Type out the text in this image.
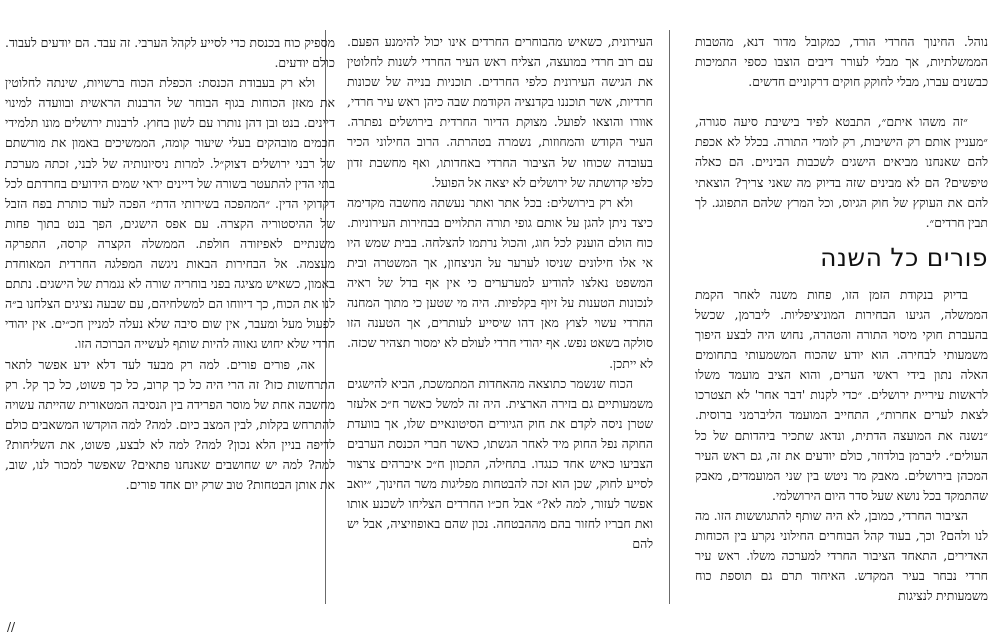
נוהל. החינוך החרדי הורד, כמקובל מדור דנא, מהטבות הממשלתיות, אך מבלי לעורר דיבים הוצבו כספי התמיכות כבשנים עברו, מבלי לחוקק חוקים דרקוניים חדשים.

״זה משהו איתם״, התבטא לפיד בישיבת סיעה סגורה, ״מעניין אותם רק הישיבות, רק לומדי התורה. בכלל לא אכפת להם שאנחנו מביאים הישגים לשכבות הביניים. הם כאלה טיפשים? הם לא מבינים שזה בדיוק מה שאני צריך? הוצאתי להם את העוקץ של חוק הגיוס, וכל המרץ שלהם התפוגג. לך תבין חרדים״.

פורים כל השנה

בדיוק בנקודת הזמן הזו, פחות משנה לאחר הקמת הממשלה, הגיעו הבחירות המוניציפליות. ליברמן, שכשל בהעברת חוקי מיסוי התורה והטהרה, נחוש היה לבצע היפוך משמעותי לבחירה. הוא יודע שהכוח המשמעותי בתחומים האלה נתון בידי ראשי הערים, והוא הציב מועמד משלו לראשות עיריית ירושלים. ״כדי לקנות 'דבר אחר' לא תצטרכו לצאת לערים אחרות״, התחייב המועמד הליברמני ברוסית. ״נשנה את המועצה הדתית, ונדאג שתכיר ביהדותם של כל העולים״. ליברמן בולדוזר, כולם יודעים את זה, גם ראש העיר המכהן בירושלים. מאבק מר ניטש בין שני המועמדים, מאבק שהתמקד בכל נושא שעל סדר היום הירושלמי.

הציבור החרדי, כמובן, לא היה שותף להתגוששות הזו. מה לנו ולהם? וכך, בעוד קהל הבוחרים החילוני נקרע בין הכוחות האדירים, התאחד הציבור החרדי למערכה משלו. ראש עיר חרדי נבחר בעיר המקדש. האיחוד תרם גם תוספת כוח משמעותית לנציגות

העירונית, כשאיש מהבוחרים החרדים אינו יכול להימנע הפעם. עם רוב חרדי במועצה, הצליח ראש העיר החרדי לשנות לחלוטין את הגישה העירונית כלפי החרדים. תוכניות בנייה של שכונות חרדיות, אשר תוכננו בקדנציה הקודמת שבה כיהן ראש עיר חרדי, אוורו והוצאו לפועל. מצוקת הדיור החרדית בירושלים נפתרה. העיר הקודש והמחוזות, נשמרה בטהרתה. הרוב החילוני הכיר בעובדה שכוחו של הציבור החרדי באחדותו, ואף מחשבת זדון כלפי קדושתה של ירושלים לא יצאה אל הפועל.

ולא רק בירושלים: בכל אתר ואתר נעשתה מחשבה מקדימה כיצד ניתן להגן על אותם גופי תורה התלויים בבחירות העירוניות. כוח הולם הוענק לכל חוג, והכול נרתמו להצלחה. בבית שמש היו אי אלו חילונים שניסו לערער על הניצחון, אך המשטרה ובית המשפט נאלצו להודיע למערערים כי אין אף בדל של ראיה לנכונות הטענות על זיוף בקלפיות. היה מי שטען כי מתוך המחנה החרדי עשוי לצוץ מאן דהו שיסייע לעותרים, אך הטענה הזו סולקה בשאט נפש. אף יהודי חרדי לעולם לא ימסור תצהיר שכזה. לא ייתכן.

הכוח שנשמר כתוצאה מהאחדות המתמשכת, הביא להישגים משמעותיים גם בזירה הארצית. היה זה למשל כאשר ח״כ אלעזר שטרן ניסה לקדם את חוק הגיורים הסיטונאיים שלו, אך בוועדת החוקה נפל החוק מיד לאחר הגשתו, כאשר חברי הכנסת הערבים הצביעו כאיש אחד כנגדו. בתחילה, התכוון ח״כ איברהים צרצור לסייע לחוק, שכן הוא זכה להבטחות מפליגות משר החינוך, ״יואב אפשר לעזור, למה לא?״ אבל חכ״ו החרדים הצליחו לשכנע אותו ואת חבריו לחזור בהם מההבטחה. נכון שהם באופוזיציה, אבל יש להם

מספיק כוח בכנסת כדי לסייע לקהל הערבי. זה עבד. הם יודעים לעבוד. כולם יודעים.

ולא רק בעבודת הכנסת: הכפלת הכוח ברשויות, שינתה לחלוטין את מאזן הכוחות בגוף הבוחר של הרבנות הראשית ובוועדה למינוי דיינים. בנט ובן דהן נותרו עם לשון בחוץ. לרבנות ירושלים מונו תלמידי חכמים מובהקים בעלי שיעור קומה, הממשיכים באמון את מורשתם של רבני ירושלים דצוק״ל. למרות ניסיונותיה של לבני, זכתה מערכת בתי הדין להתעטר בשורה של דיינים יראי שמים הידועים בחרדתם לכל דקדוקי הדין. ״המהפכה בשירותי הדת״ הפכה לעוד כותרת בפח הזבל של ההיסטוריה הקצרה. עם אפס הישגים, הפך בנט בתוך פחות משנתיים לאפיזודה חולפת. הממשלה הקצרה קרסה, התפרקה מעצמה. אל הבחירות הבאות ניגשה המפלגה החרדית המאוחדת באמון, כשאיש מציגה בפני בוחריה שורה לא נגמרת של הישגים. נתתם לנו את הכוח, כך דיווחו הם למשלחיהם, עם שבעה נציגים הצלחנו ב״ה לפעול מעל ומעבר, אין שום סיבה שלא נעלה למניין חכ״ים. אין יהודי חרדי שלא יחוש גאווה להיות שותף לעשייה הברוכה הזו.

אה, פורים פורים. למה רק מבעד לעד דלא ידע אפשר לתאר התרחשות כזו? זה הרי היה כל כך קרוב, כל כך פשוט, כל כך קל. רק מחשבה אחת של מוסר הפרידה בין הנסיבה המטאורית שהייתה עשויה להתרחש בקלות, לבין המצב כיום. למה? למה הוקדשו המשאבים כולם לדיפה בניין הלא נכון? למה? למה לא לבצע, פשוט, את השליחות? למה? למה יש שחושבים שאנחנו פתאים? שאפשר למכור לנו, שוב, את אותן הבטחות? טוב שרק יום אחד פורים.

//
